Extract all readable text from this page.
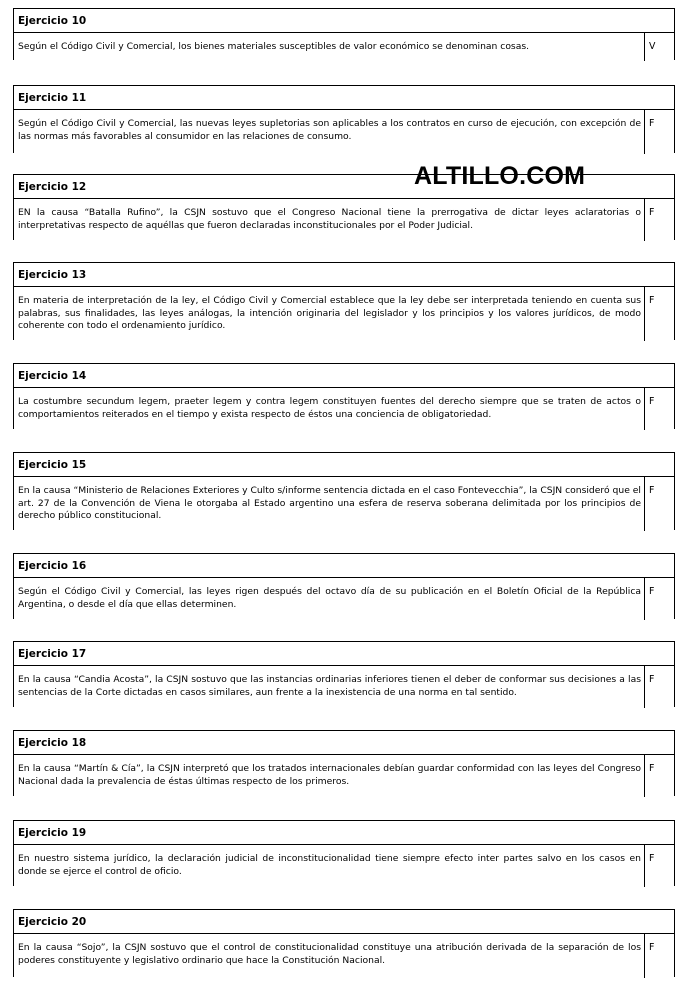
ALTILLO.COM
Ejercicio 10
Según el Código Civil y Comercial, los bienes materiales susceptibles de valor económico se denominan cosas.	V
Ejercicio 11
Según el Código Civil y Comercial, las nuevas leyes supletorias son aplicables a los contratos en curso de ejecución, con excepción de las normas más favorables al consumidor en las relaciones de consumo.
F
Ejercicio 12
EN la causa “Batalla Rufino”, la CSJN sostuvo que el Congreso Nacional tiene la prerrogativa de dictar leyes aclaratorias o interpretativas respecto de aquéllas que fueron declaradas inconstitucionales por el Poder Judicial.
F
Ejercicio 13
En materia de interpretación de la ley, el Código Civil y Comercial establece que la ley debe ser interpretada teniendo en cuenta sus palabras, sus finalidades, las leyes análogas, la intención originaria del legislador y los principios y los valores jurídicos, de modo coherente con todo el ordenamiento jurídico.
F
Ejercicio 14
La costumbre secundum legem, praeter legem y contra legem constituyen fuentes del derecho siempre que se traten de actos o comportamientos reiterados en el tiempo y exista respecto de éstos una conciencia de obligatoriedad.
F
Ejercicio 15
En la causa “Ministerio de Relaciones Exteriores y Culto s/informe sentencia dictada en el caso Fontevecchia”, la CSJN consideró que el art. 27 de la Convención de Viena le otorgaba al Estado argentino una esfera de reserva soberana delimitada por los principios de derecho público constitucional.
F
Ejercicio 16
Según el Código Civil y Comercial, las leyes rigen después del octavo día de su publicación en el Boletín Oficial de la República Argentina, o desde el día que ellas determinen.
F
Ejercicio 17
En la causa “Candia Acosta”, la CSJN sostuvo que las instancias ordinarias inferiores tienen el deber de conformar sus decisiones a las sentencias de la Corte dictadas en casos similares, aun frente a la inexistencia de una norma en tal sentido.
F
Ejercicio 18
En la causa “Martín & Cía”, la CSJN interpretó que los tratados internacionales debían guardar conformidad con las leyes del Congreso Nacional dada la prevalencia de éstas últimas respecto de los primeros.
F
Ejercicio 19
En nuestro sistema jurídico, la declaración judicial de inconstitucionalidad tiene siempre efecto inter partes salvo en los casos en donde se ejerce el control de oficio.
F
Ejercicio 20
En la causa “Sojo”, la CSJN sostuvo que el control de constitucionalidad constituye una atribución derivada de la separación de los poderes constituyente y legislativo ordinario que hace la Constitución Nacional.
F
